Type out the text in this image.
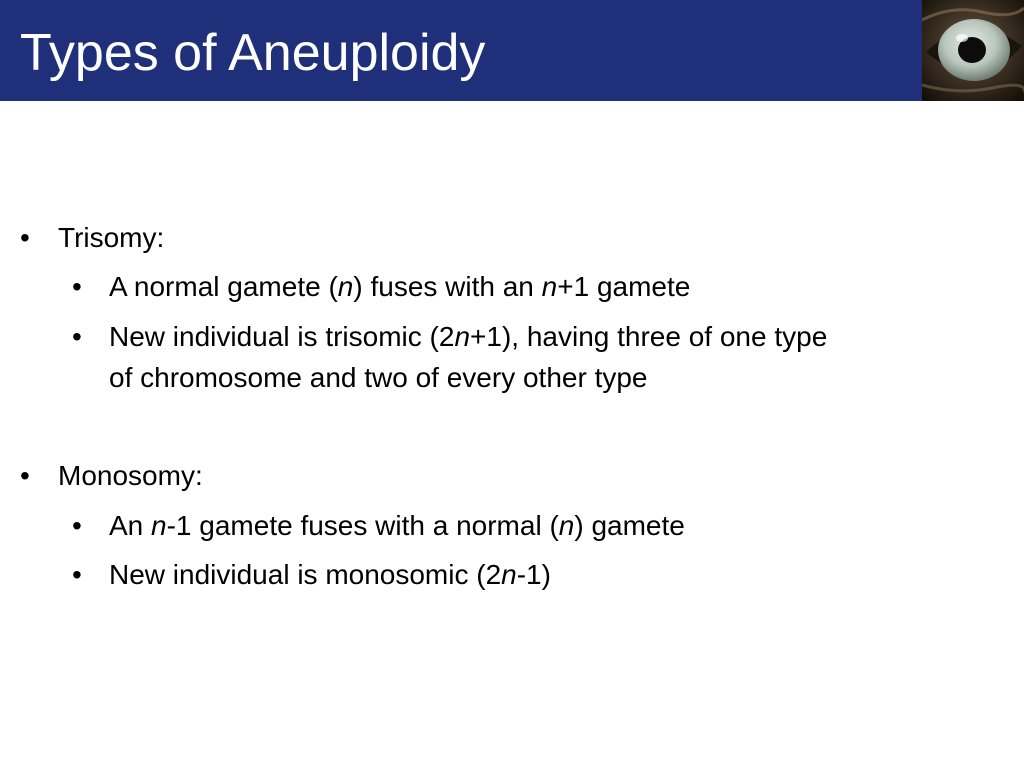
Types of Aneuploidy
• Trisomy:
• A normal gamete (n) fuses with an n+1 gamete
• New individual is trisomic (2n+1), having three of one type
of chromosome and two of every other type
• Monosomy:
• An n-1 gamete fuses with a normal (n) gamete
• New individual is monosomic (2n-1)
